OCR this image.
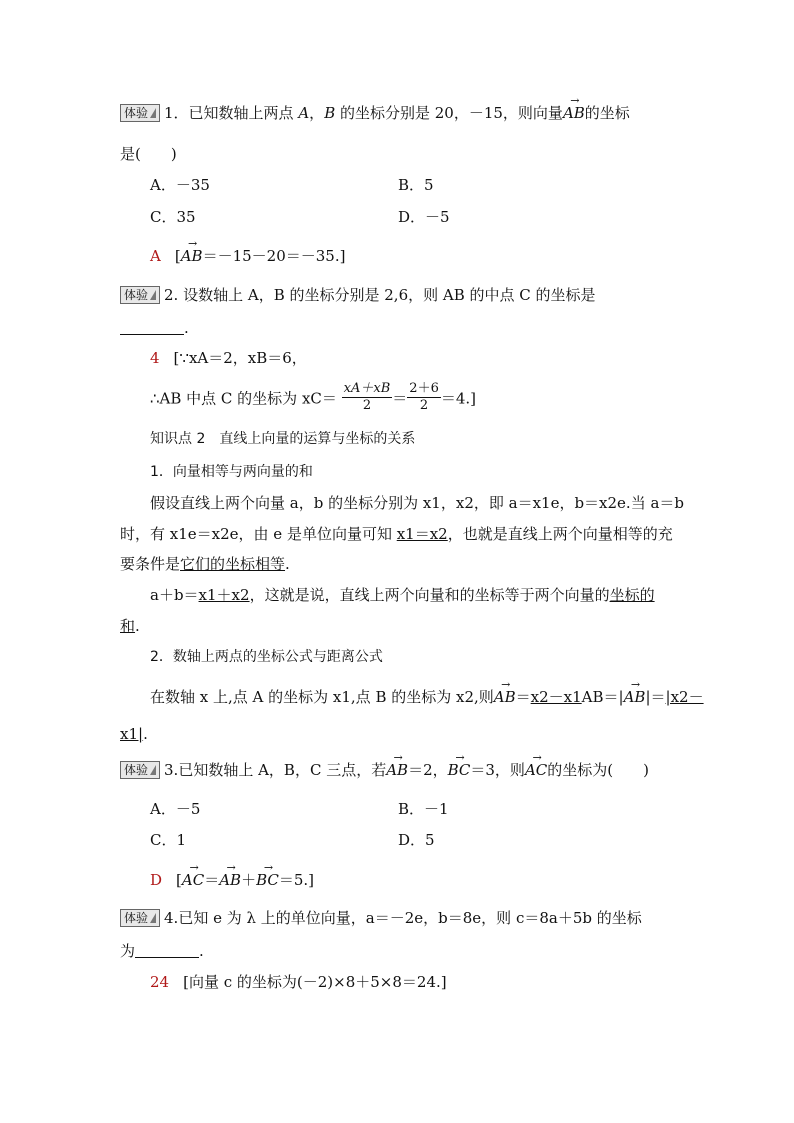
体验 1．已知数轴上两点 A，B 的坐标分别是 20，－15，则向量→ AB的坐标
是(　　)
A．－35	B．5
C．35	D．－5
A [→ AB＝－15－20＝－35.]
体验 2. 设数轴上 A，B 的坐标分别是 2,6，则 AB 的中点 C 的坐标是
.
4 [∵xA＝2，xB＝6，
∴AB 中点 C 的坐标为 $xC= \frac{xA+xB}{2} = \frac{2+6}{2} =4$.]
知识点 2　直线上向量的运算与坐标的关系
1．向量相等与两向量的和
假设直线上两个向量 a，b 的坐标分别为 x1，x2，即 a＝x1e，b＝x2e.当 a＝b
时，有 x1e＝x2e，由 e 是单位向量可知 x1＝x2，也就是直线上两个向量相等的充
要条件是它们的坐标相等.
a＋b＝x1＋x2，这就是说，直线上两个向量和的坐标等于两个向量的坐标的
和.
2．数轴上两点的坐标公式与距离公式
在数轴 x 上,点 A 的坐标为 x1,点 B 的坐标为 x2,则→ AB＝x2－x1AB＝|→ AB|＝|x2－
x1|.
体验 3.已知数轴上 A，B，C 三点，若→ AB＝2，→ BC＝3，则→ AC的坐标为(　　)
A．－5	B．－1
C．1	D．5
D [→ AC＝→ AB＋→ BC＝5.]
体验 4.已知 e 为 λ 上的单位向量，a＝－2e，b＝8e，则 c＝8a＋5b 的坐标
为	.
24 [向量 c 的坐标为(－2)×8＋5×8＝24.]
